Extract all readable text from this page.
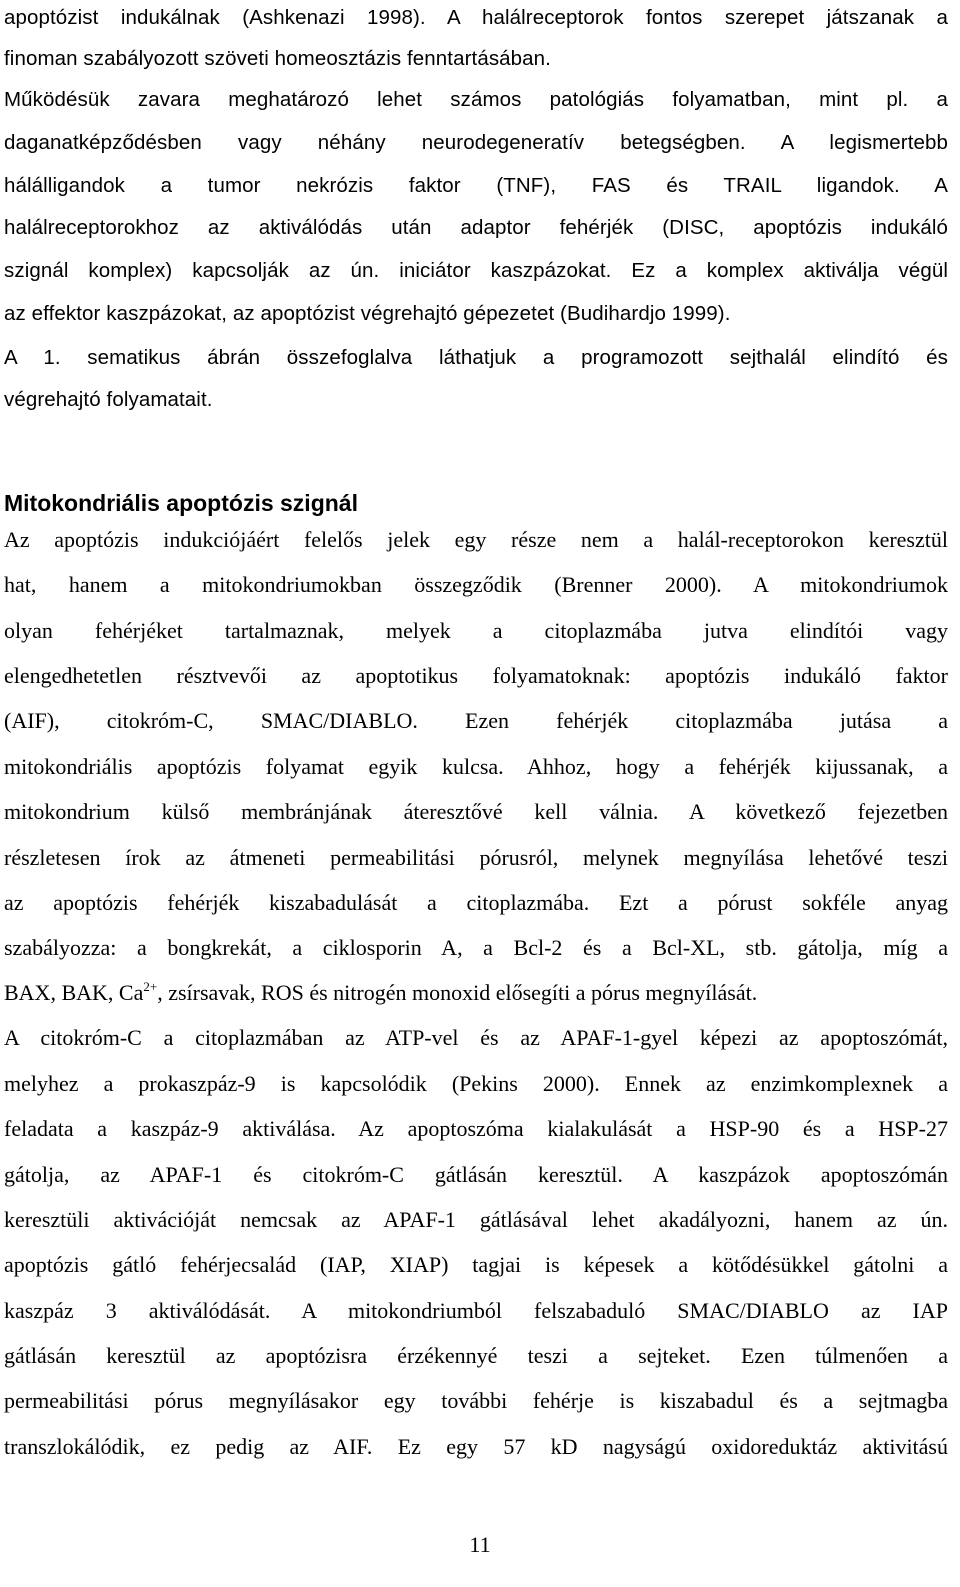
apoptózist indukálnak (Ashkenazi 1998). A halálreceptorok fontos szerepet játszanak a
finoman szabályozott szöveti homeosztázis fenntartásában.
Működésük zavara meghatározó lehet számos patológiás folyamatban, mint pl. a
daganatképződésben vagy néhány neurodegeneratív betegségben. A legismertebb
hálálligandok a tumor nekrózis faktor (TNF), FAS és TRAIL ligandok. A
halálreceptorokhoz az aktiválódás után adaptor fehérjék (DISC, apoptózis indukáló
szignál komplex) kapcsolják az ún. iniciátor kaszpázokat. Ez a komplex aktiválja végül
az effektor kaszpázokat, az apoptózist végrehajtó gépezetet (Budihardjo 1999).
A 1. sematikus ábrán összefoglalva láthatjuk a programozott sejthalál elindító és
végrehajtó folyamatait.
Mitokondriális apoptózis szignál
Az apoptózis indukciójáért felelős jelek egy része nem a halál-receptorokon keresztül
hat, hanem a mitokondriumokban összegződik (Brenner 2000). A mitokondriumok
olyan fehérjéket tartalmaznak, melyek a citoplazmába jutva elindítói vagy
elengedhetetlen résztvevői az apoptotikus folyamatoknak: apoptózis indukáló faktor
(AIF), citokróm-C, SMAC/DIABLO. Ezen fehérjék citoplazmába jutása a
mitokondriális apoptózis folyamat egyik kulcsa. Ahhoz, hogy a fehérjék kijussanak, a
mitokondrium külső membránjának áteresztővé kell válnia. A következő fejezetben
részletesen írok az átmeneti permeabilitási pórusról, melynek megnyílása lehetővé teszi
az apoptózis fehérjék kiszabadulását a citoplazmába. Ezt a pórust sokféle anyag
szabályozza: a bongkrekát, a ciklosporin A, a Bcl-2 és a Bcl-XL, stb. gátolja, míg a
BAX, BAK, $Ca^{2+}$, zsírsavak, ROS és nitrogén monoxid elősegíti a pórus megnyílását.
A citokróm-C a citoplazmában az ATP-vel és az APAF-1-gyel képezi az apoptoszómát,
melyhez a prokaszpáz-9 is kapcsolódik (Pekins 2000). Ennek az enzimkomplexnek a
feladata a kaszpáz-9 aktiválása. Az apoptoszóma kialakulását a HSP-90 és a HSP-27
gátolja, az APAF-1 és citokróm-C gátlásán keresztül. A kaszpázok apoptoszómán
keresztüli aktivációját nemcsak az APAF-1 gátlásával lehet akadályozni, hanem az ún.
apoptózis gátló fehérjecsalád (IAP, XIAP) tagjai is képesek a kötődésükkel gátolni a
kaszpáz 3 aktiválódását. A mitokondriumból felszabaduló SMAC/DIABLO az IAP
gátlásán keresztül az apoptózisra érzékennyé teszi a sejteket. Ezen túlmenően a
permeabilitási pórus megnyílásakor egy további fehérje is kiszabadul és a sejtmagba
transzlokálódik, ez pedig az AIF. Ez egy 57 kD nagyságú oxidoreduktáz aktivitású
11
